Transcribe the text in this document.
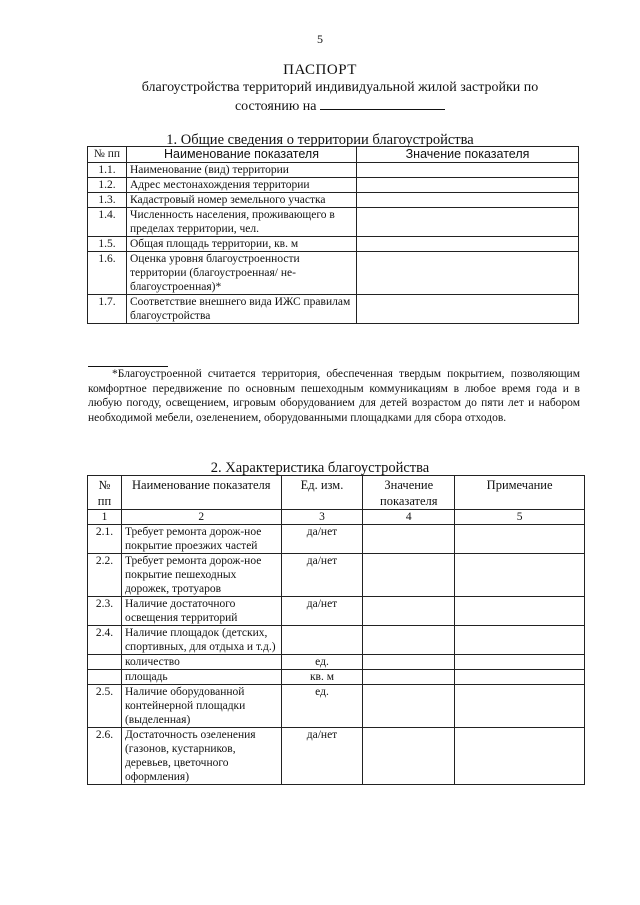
5
ПАСПОРТ
благоустройства территорий индивидуальной жилой застройки по
состоянию на
1. Общие сведения о территории благоустройства
№ пп	Наименование показателя	Значение показателя
1.1.	Наименование (вид) территории	
1.2.	Адрес местонахождения территории	
1.3.	Кадастровый номер земельного участка	
1.4.	Численность населения, проживающего в пределах территории, чел.	
1.5.	Общая площадь территории, кв. м	
1.6.	Оценка уровня благоустроенности территории (благоустроенная/ не-благоустроенная)*	
1.7.	Соответствие внешнего вида ИЖС правилам благоустройства	
*Благоустроенной считается территория, обеспеченная твердым покрытием, позволяющим комфортное передвижение по основным пешеходным коммуникациям в любое время года и в любую погоду, освещением, игровым оборудованием для детей возрастом до пяти лет и набором необходимой мебели, озеленением, оборудованными площадками для сбора отходов.
2. Характеристика благоустройства
№ пп	Наименование показателя	Ед. изм.	Значение показателя	Примечание
1	2	3	4	5
2.1.	Требует ремонта дорож-ное покрытие проезжих частей	да/нет		
2.2.	Требует ремонта дорож-ное покрытие пешеходных дорожек, тротуаров	да/нет		
2.3.	Наличие достаточного освещения территорий	да/нет		
2.4.	Наличие площадок (детских, спортивных, для отдыха и т.д.)			
	количество	ед.		
	площадь	кв. м		
2.5.	Наличие оборудованной контейнерной площадки (выделенная)	ед.		
2.6.	Достаточность озеленения (газонов, кустарников, деревьев, цветочного оформления)	да/нет		
